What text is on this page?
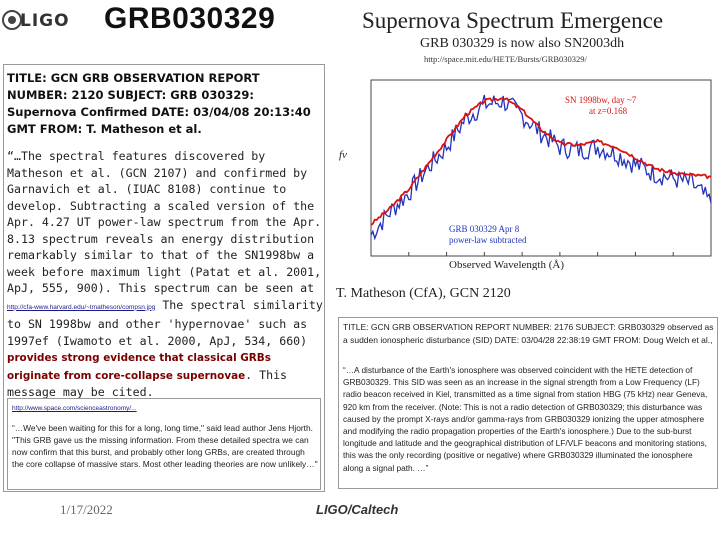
LIGO GRB030329	Supernova Spectrum Emergence
GRB 030329 is now also SN2003dh
http://space.mit.edu/HETE/Bursts/GRB030329/
TITLE: GCN GRB OBSERVATION REPORT NUMBER: 2120 SUBJECT: GRB 030329: Supernova Confirmed DATE: 03/04/08 20:13:40 GMT FROM: T. Matheson et al.
“…The spectral features discovered by Matheson et al. (GCN 2107) and confirmed by Garnavich et al. (IUAC 8108) continue to develop. Subtracting a scaled version of the Apr. 4.27 UT power-law spectrum from the Apr. 8.13 spectrum reveals an energy distribution remarkably similar to that of the SN1998bw a week before maximum light (Patat et al. 2001, ApJ, 555, 900). This spectrum can be seen at http://cfa-www.harvard.edu/~tmatheson/compsn.jpg The spectral similarity to SN 1998bw and other 'hypernovae' such as 1997ef (Iwamoto et al. 2000, ApJ, 534, 660) provides strong evidence that classical GRBs originate from core-collapse supernovae. This message may be cited.
http://www.space.com/scienceastronomy/...
“…We've been waiting for this for a long, long time," said lead author Jens Hjorth. "This GRB gave us the missing information. From these detailed spectra we can now confirm that this burst, and probably other long GRBs, are created through the core collapse of massive stars. Most other leading theories are now unlikely…"
fν
Observed Wavelength (Å)
SN 1998bw, day ~7
at z=0.168
GRB 030329 Apr 8
power-law subtracted
T. Matheson (CfA), GCN 2120
TITLE: GCN GRB OBSERVATION REPORT NUMBER: 2176 SUBJECT: GRB030329 observed as a sudden ionospheric disturbance (SID) DATE: 03/04/28 22:38:19 GMT FROM: Doug Welch et al.,
“…A disturbance of the Earth's ionosphere was observed coincident with the HETE detection of GRB030329. This SID was seen as an increase in the signal strength from a Low Frequency (LF) radio beacon received in Kiel, transmitted as a time signal from station HBG (75 kHz) near Geneva, 920 km from the receiver. (Note: This is not a radio detection of GRB030329; this disturbance was caused by the prompt X-rays and/or gamma-rays from GRB030329 ionizing the upper atmosphere and modifying the radio propagation properties of the Earth's ionosphere.) Due to the sub-burst longitude and latitude and the geographical distribution of LF/VLF beacons and monitoring stations, this was the only recording (positive or negative) where GRB030329 illuminated the ionosphere along a signal path. …”
1/17/2022	LIGO/Caltech
